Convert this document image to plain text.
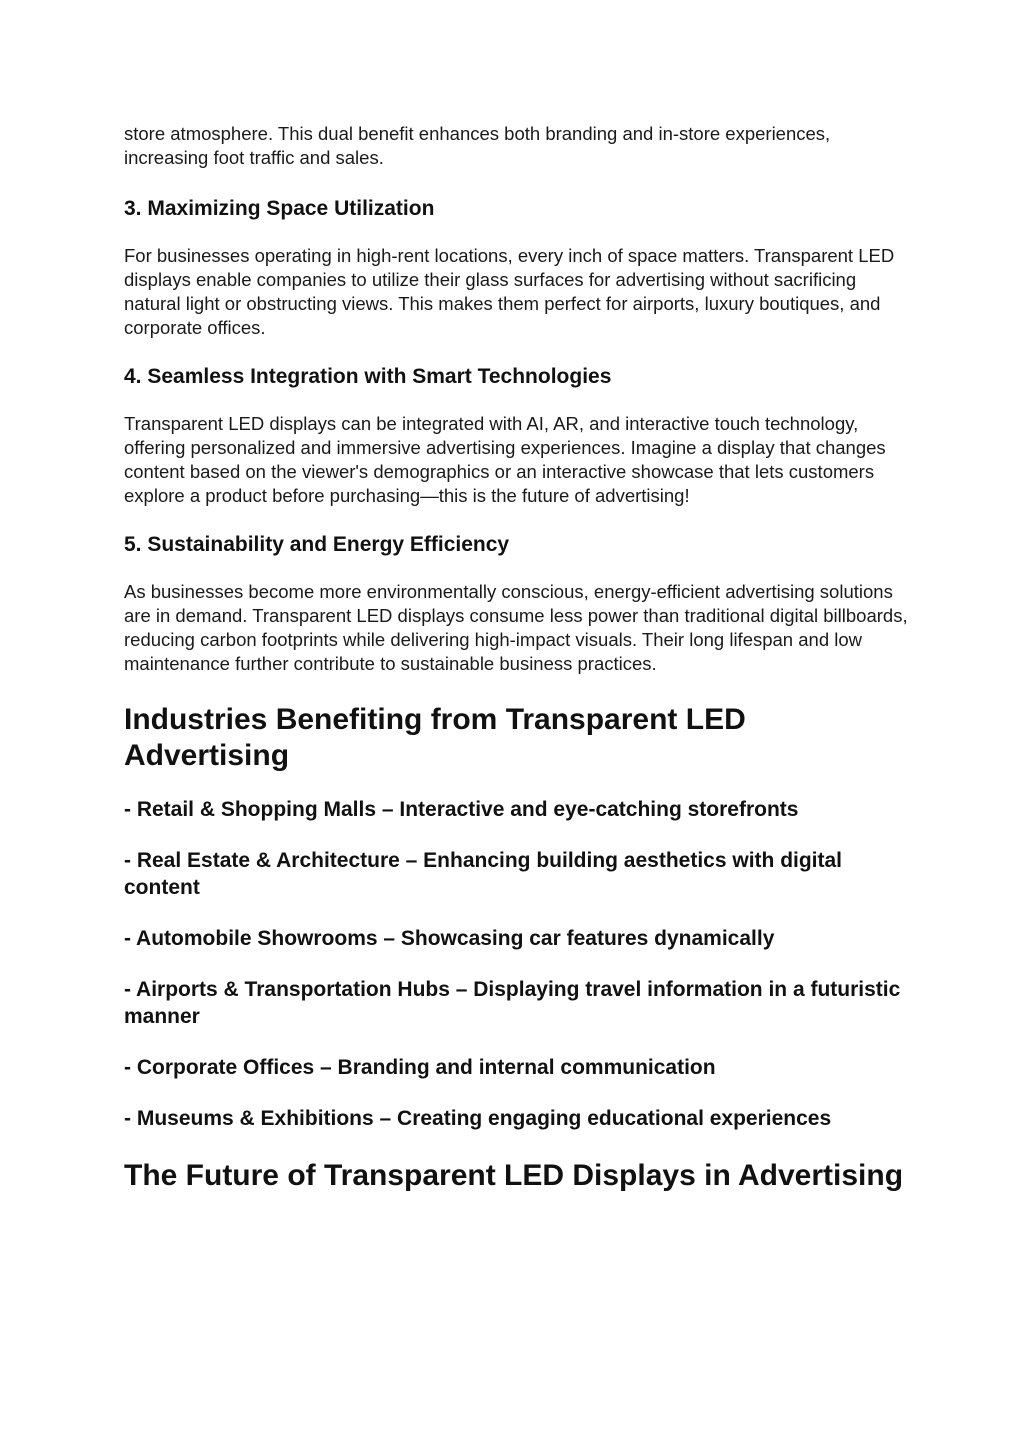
store atmosphere. This dual benefit enhances both branding and in-store experiences, increasing foot traffic and sales.

3. Maximizing Space Utilization

For businesses operating in high-rent locations, every inch of space matters. Transparent LED displays enable companies to utilize their glass surfaces for advertising without sacrificing natural light or obstructing views. This makes them perfect for airports, luxury boutiques, and corporate offices.

4. Seamless Integration with Smart Technologies

Transparent LED displays can be integrated with AI, AR, and interactive touch technology, offering personalized and immersive advertising experiences. Imagine a display that changes content based on the viewer's demographics or an interactive showcase that lets customers explore a product before purchasing—this is the future of advertising!

5. Sustainability and Energy Efficiency

As businesses become more environmentally conscious, energy-efficient advertising solutions are in demand. Transparent LED displays consume less power than traditional digital billboards, reducing carbon footprints while delivering high-impact visuals. Their long lifespan and low maintenance further contribute to sustainable business practices.

Industries Benefiting from Transparent LED Advertising

- Retail & Shopping Malls – Interactive and eye-catching storefronts

- Real Estate & Architecture – Enhancing building aesthetics with digital content

- Automobile Showrooms – Showcasing car features dynamically

- Airports & Transportation Hubs – Displaying travel information in a futuristic manner

- Corporate Offices – Branding and internal communication

- Museums & Exhibitions – Creating engaging educational experiences

The Future of Transparent LED Displays in Advertising
